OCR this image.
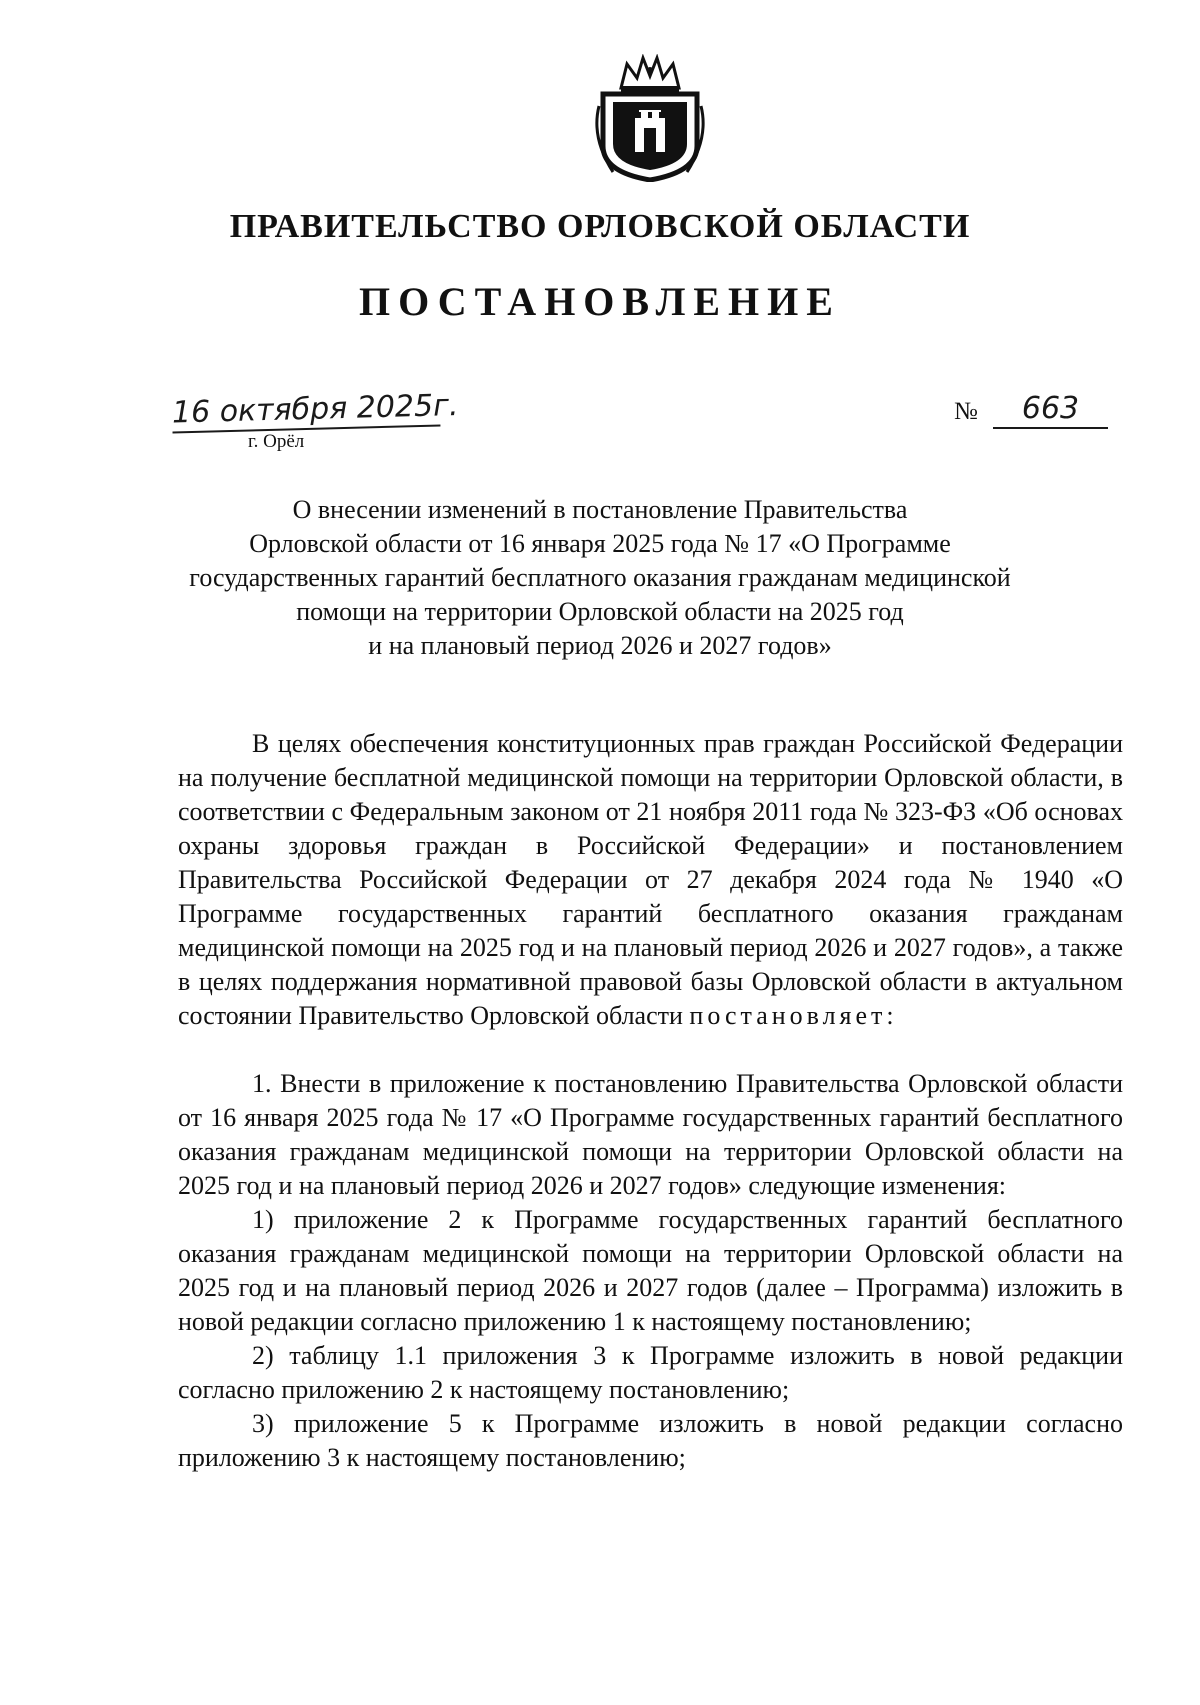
ПРАВИТЕЛЬСТВО ОРЛОВСКОЙ ОБЛАСТИ
ПОСТАНОВЛЕНИЕ
16 октября 2025г.
г. Орёл
№	663
О внесении изменений в постановление Правительства
Орловской области от 16 января 2025 года № 17 «О Программе
государственных гарантий бесплатного оказания гражданам медицинской
помощи на территории Орловской области на 2025 год
и на плановый период 2026 и 2027 годов»

В целях обеспечения конституционных прав граждан Российской Федерации на получение бесплатной медицинской помощи на территории Орловской области, в соответствии с Федеральным законом от 21 ноября 2011 года № 323-ФЗ «Об основах охраны здоровья граждан в Российской Федерации» и постановлением Правительства Российской Федерации от 27 декабря 2024 года № 1940 «О Программе государственных гарантий бесплатного оказания гражданам медицинской помощи на 2025 год и на плановый период 2026 и 2027 годов», а также в целях поддержания нормативной правовой базы Орловской области в актуальном состоянии Правительство Орловской области постановляет:

1. Внести в приложение к постановлению Правительства Орловской области от 16 января 2025 года № 17 «О Программе государственных гарантий бесплатного оказания гражданам медицинской помощи на территории Орловской области на 2025 год и на плановый период 2026 и 2027 годов» следующие изменения:

1) приложение 2 к Программе государственных гарантий бесплатного оказания гражданам медицинской помощи на территории Орловской области на 2025 год и на плановый период 2026 и 2027 годов (далее – Программа) изложить в новой редакции согласно приложению 1 к настоящему постановлению;

2) таблицу 1.1 приложения 3 к Программе изложить в новой редакции согласно приложению 2 к настоящему постановлению;

3) приложение 5 к Программе изложить в новой редакции согласно приложению 3 к настоящему постановлению;
